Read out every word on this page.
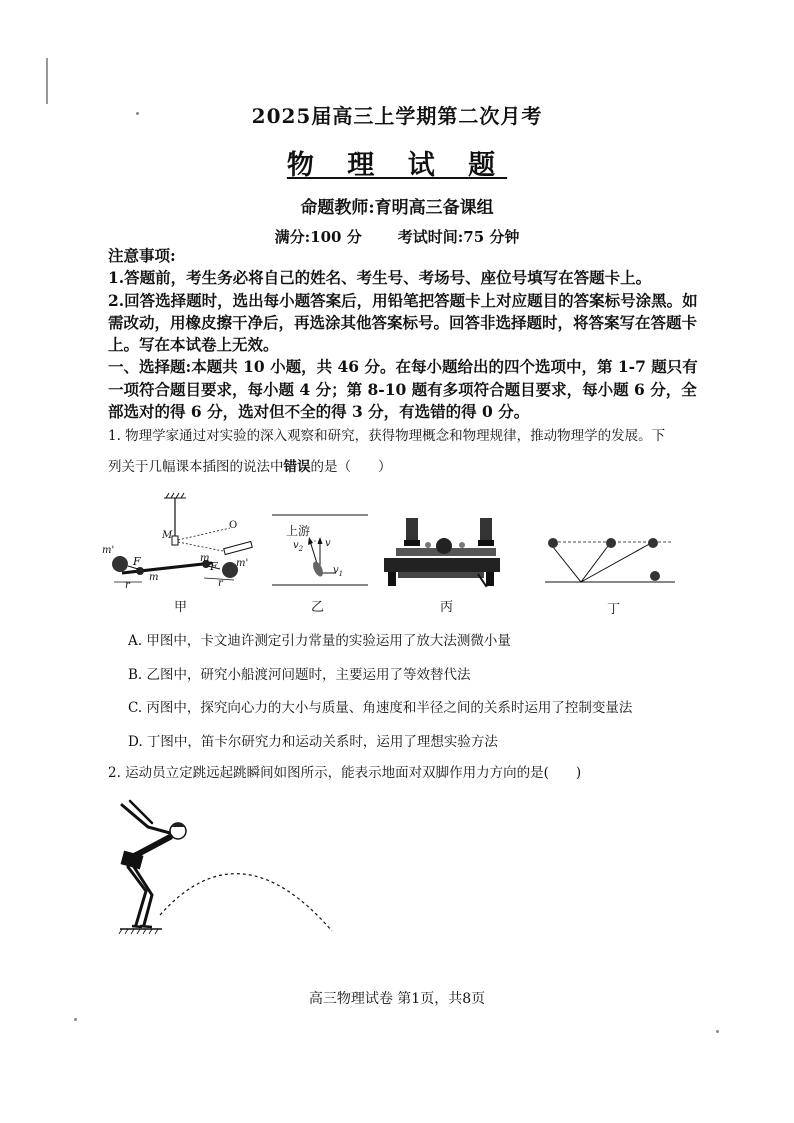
2025届高三上学期第二次月考
物 理 试 题
命题教师:育明高三备课组
满分:100 分 考试时间:75 分钟

注意事项:

1.答题前，考生务必将自己的姓名、考生号、考场号、座位号填写在答题卡上。

2.回答选择题时，选出每小题答案后，用铅笔把答题卡上对应题目的答案标号涂黑。如需改动，用橡皮擦干净后，再选涂其他答案标号。回答非选择题时，将答案写在答题卡上。写在本试卷上无效。

一、选择题:本题共 10 小题，共 46 分。在每小题给出的四个选项中，第 1-7 题只有一项符合题目要求，每小题 4 分；第 8-10 题有多项符合题目要求，每小题 6 分，全部选对的得 6 分，选对但不全的得 3 分，有选错的得 0 分。

1. 物理学家通过对实验的深入观察和研究，获得物理概念和物理规律，推动物理学的发展。下
列关于几幅课本插图的说法中错误的是（　　）
m'
m'
m
m
F	F
r	r
M
O
甲
上游
$v_2$ v
$v_1$
乙	丙	丁
A. 甲图中，卡文迪许测定引力常量的实验运用了放大法测微小量
B. 乙图中，研究小船渡河问题时，主要运用了等效替代法
C. 丙图中，探究向心力的大小与质量、角速度和半径之间的关系时运用了控制变量法
D. 丁图中，笛卡尔研究力和运动关系时，运用了理想实验方法
2. 运动员立定跳远起跳瞬间如图所示，能表示地面对双脚作用力方向的是(　　)
高三物理试卷 第1页，共8页
